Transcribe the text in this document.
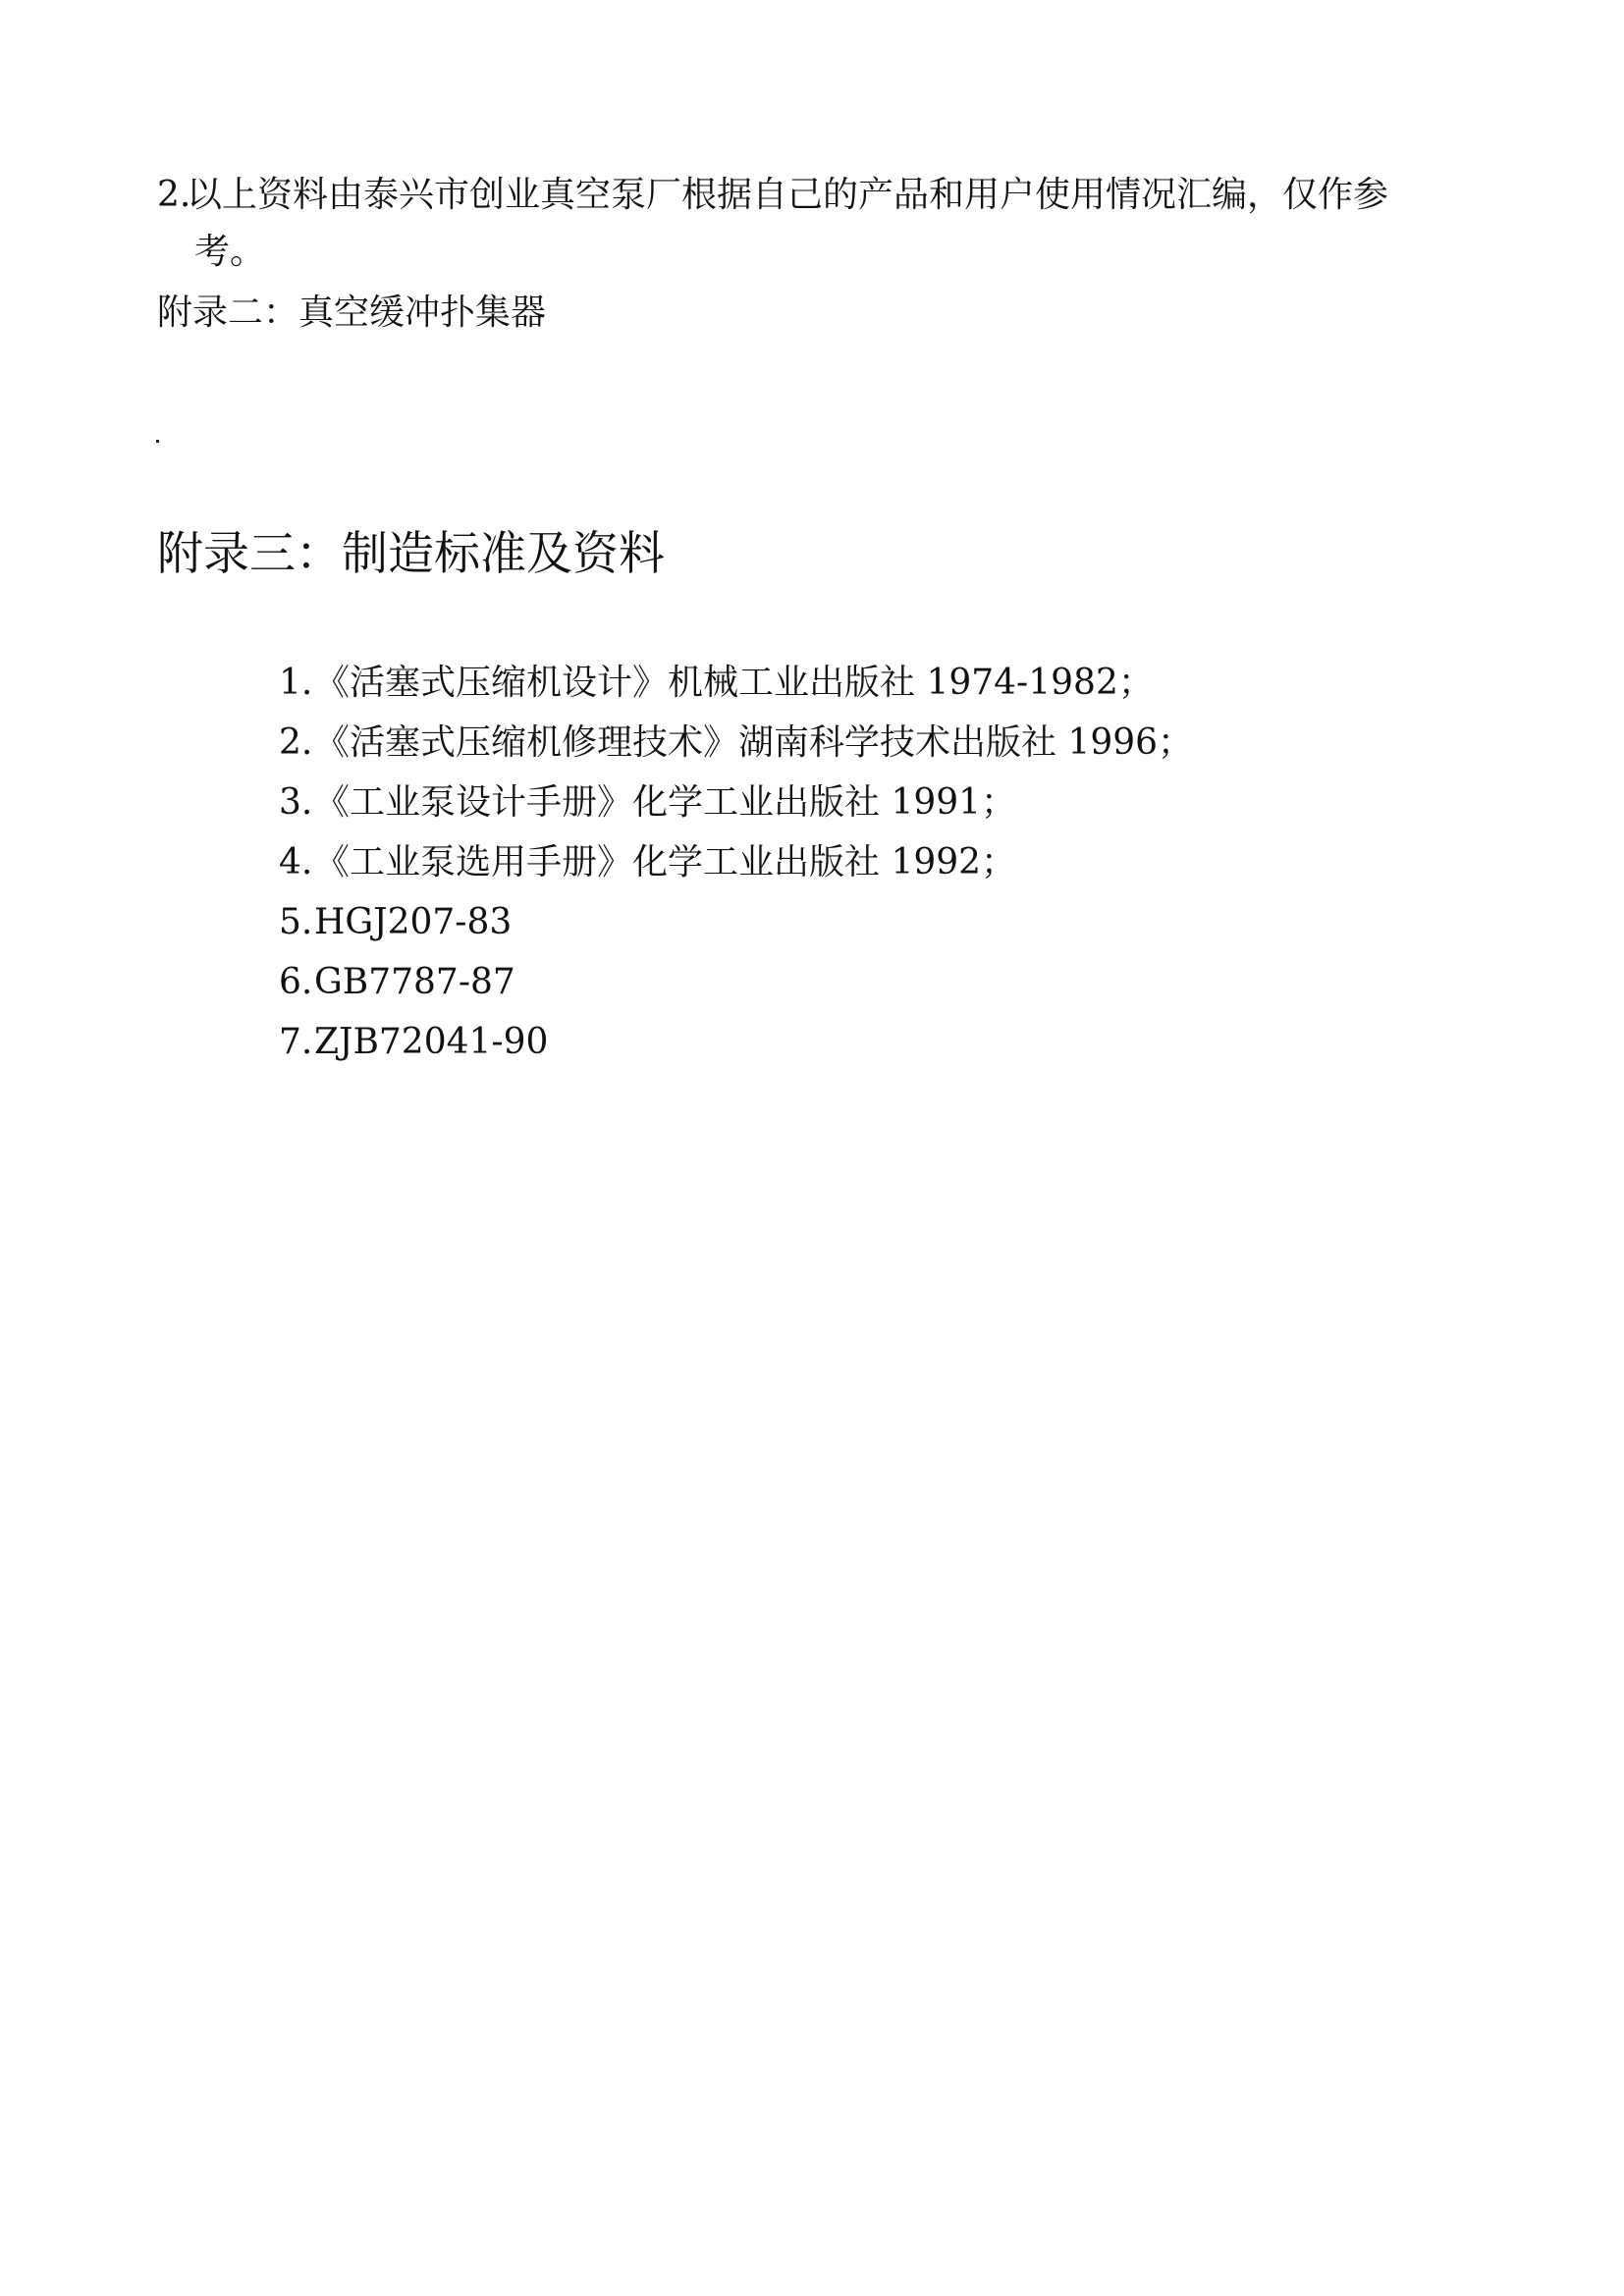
2.以上资料由泰兴市创业真空泵厂根据自己的产品和用户使用情况汇编，仅作参
考。
附录二：真空缓冲扑集器
附录三：制造标准及资料
1.《活塞式压缩机设计》机械工业出版社 1974-1982；
2.《活塞式压缩机修理技术》湖南科学技术出版社 1996；
3.《工业泵设计手册》化学工业出版社 1991；
4.《工业泵选用手册》化学工业出版社 1992；
5.HGJ207-83
6.GB7787-87
7.ZJB72041-90
